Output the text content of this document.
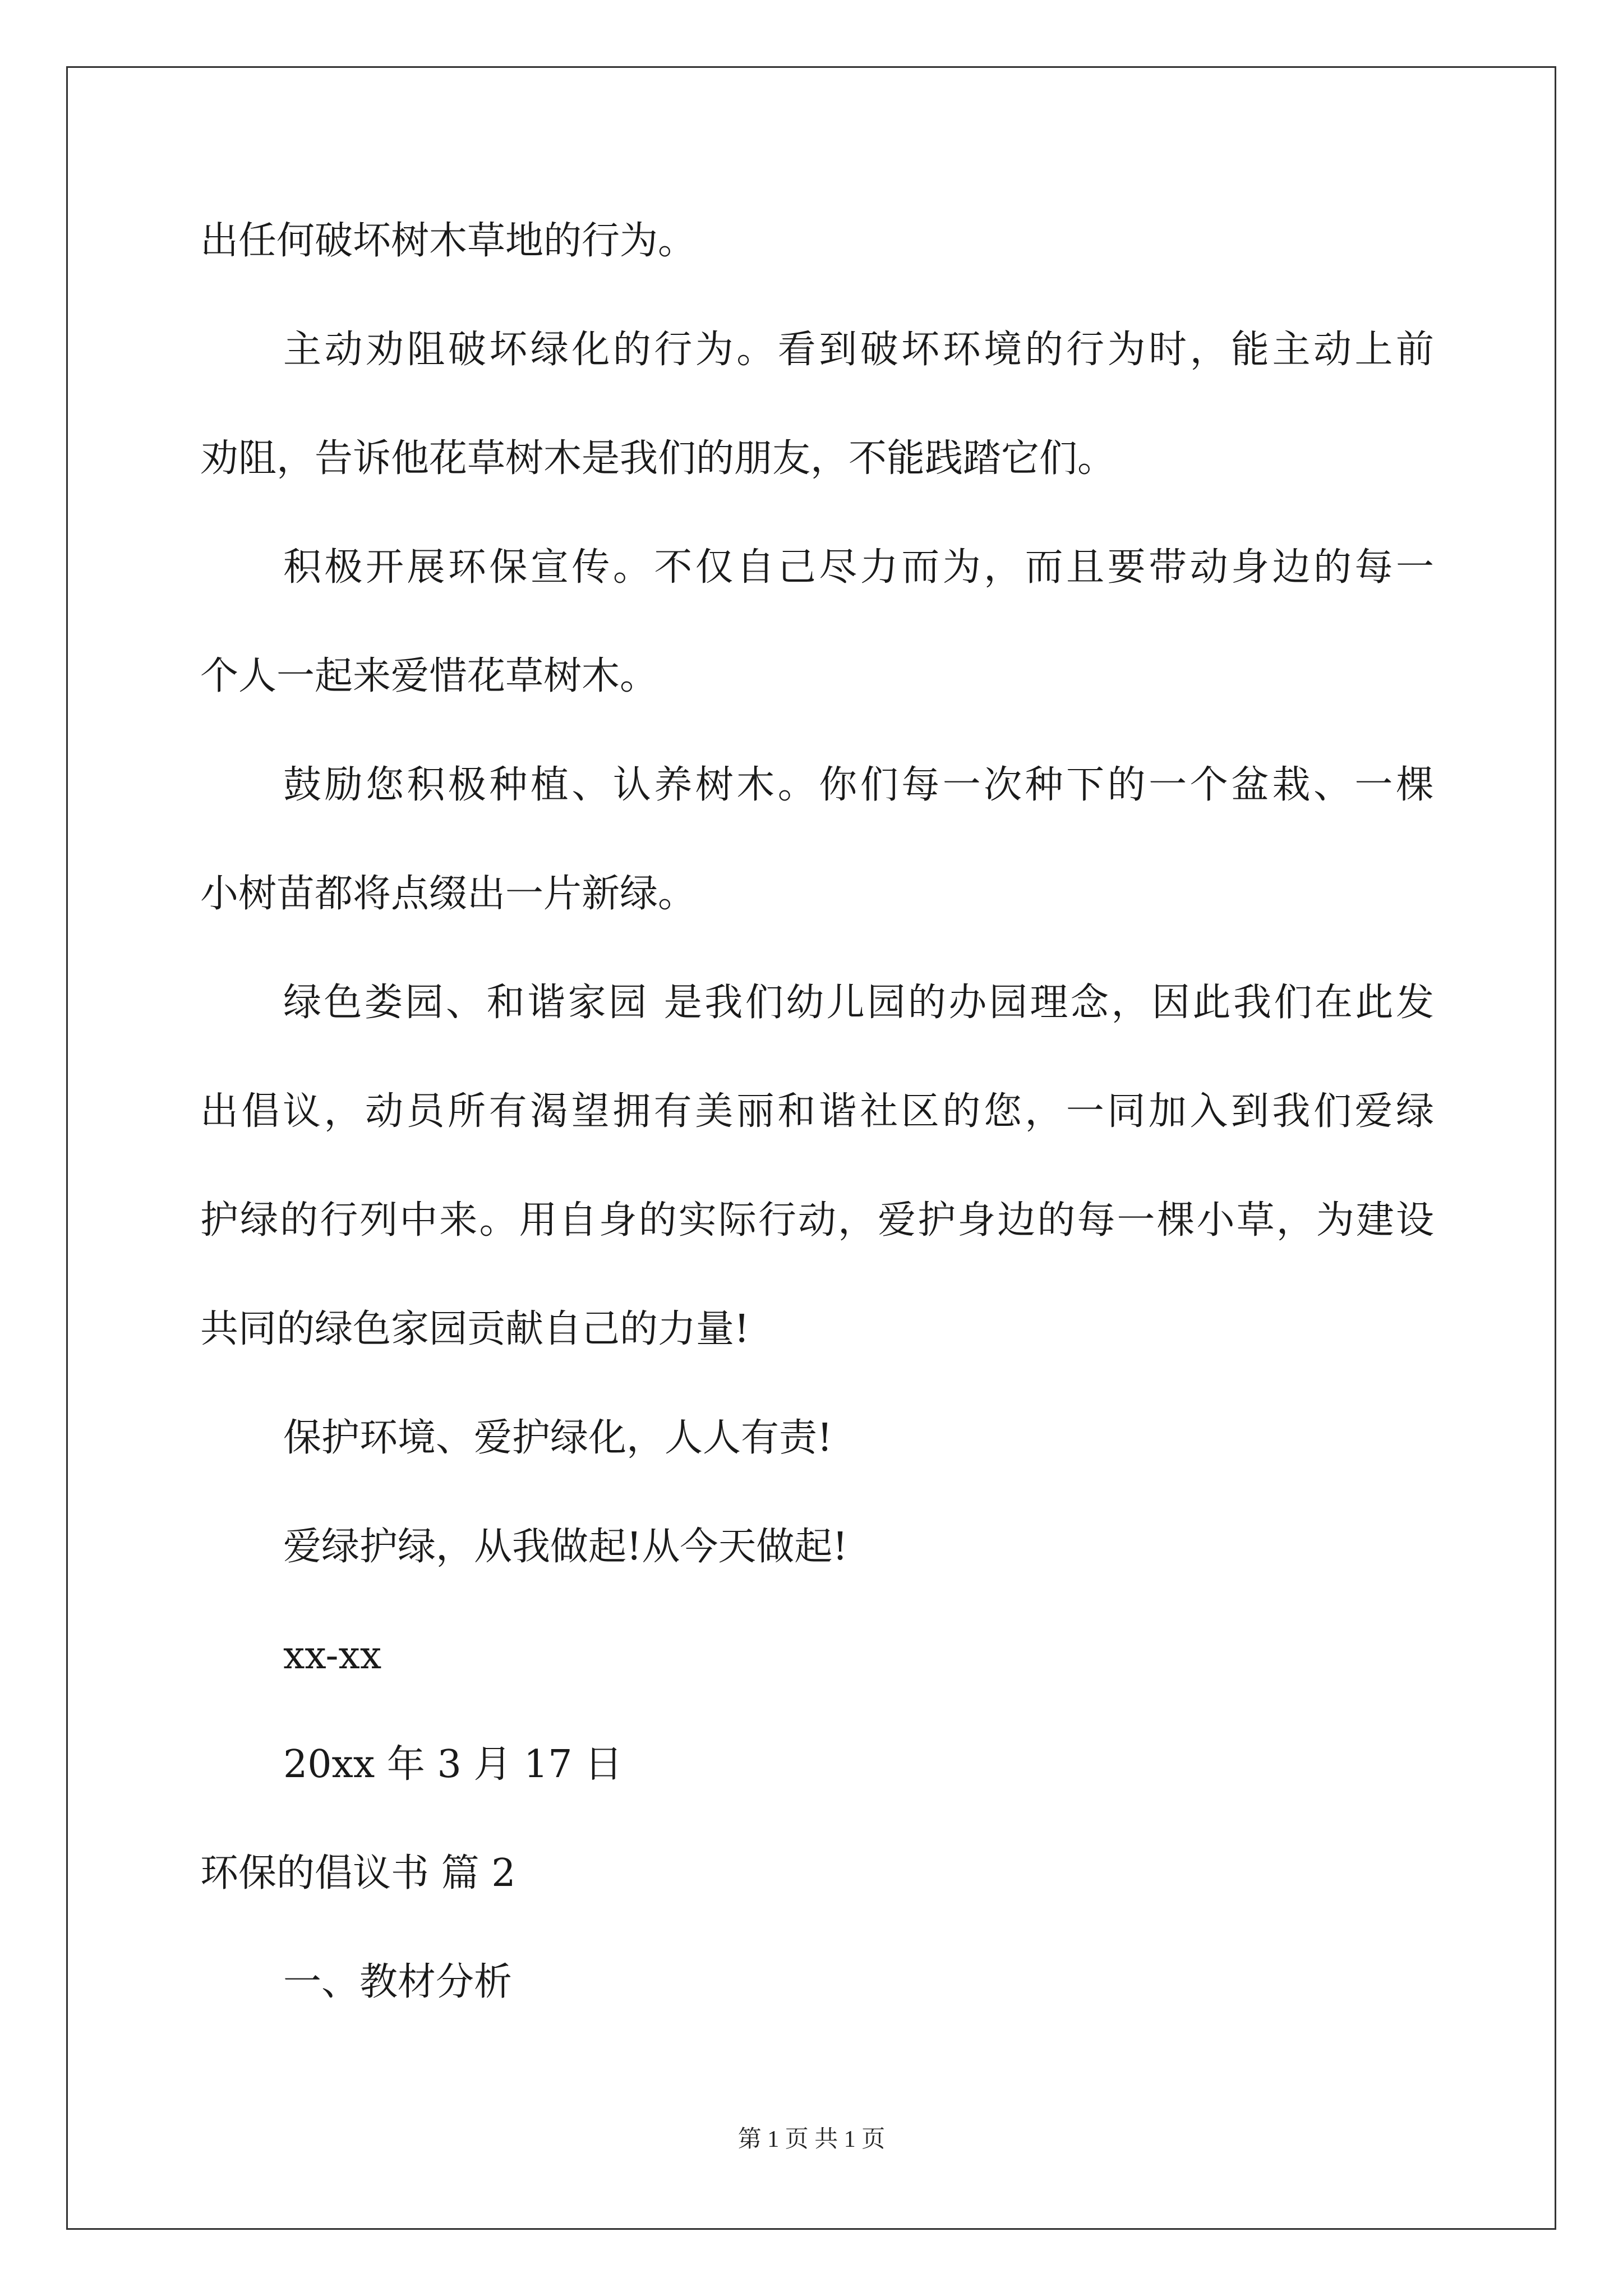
出任何破坏树木草地的行为。
主动劝阻破坏绿化的行为。看到破坏环境的行为时，能主动上前
劝阻，告诉他花草树木是我们的朋友，不能践踏它们。
积极开展环保宣传。不仅自己尽力而为，而且要带动身边的每一
个人一起来爱惜花草树木。
鼓励您积极种植、认养树木。你们每一次种下的一个盆栽、一棵
小树苗都将点缀出一片新绿。
绿色娄园、和谐家园 是我们幼儿园的办园理念，因此我们在此发
出倡议，动员所有渴望拥有美丽和谐社区的您，一同加入到我们爱绿
护绿的行列中来。用自身的实际行动，爱护身边的每一棵小草，为建设
共同的绿色家园贡献自己的力量!
保护环境、爱护绿化，人人有责!
爱绿护绿，从我做起!从今天做起!
xx-xx
20xx 年 3 月 17 日
环保的倡议书 篇 2
一、教材分析
第 1 页 共 1 页
